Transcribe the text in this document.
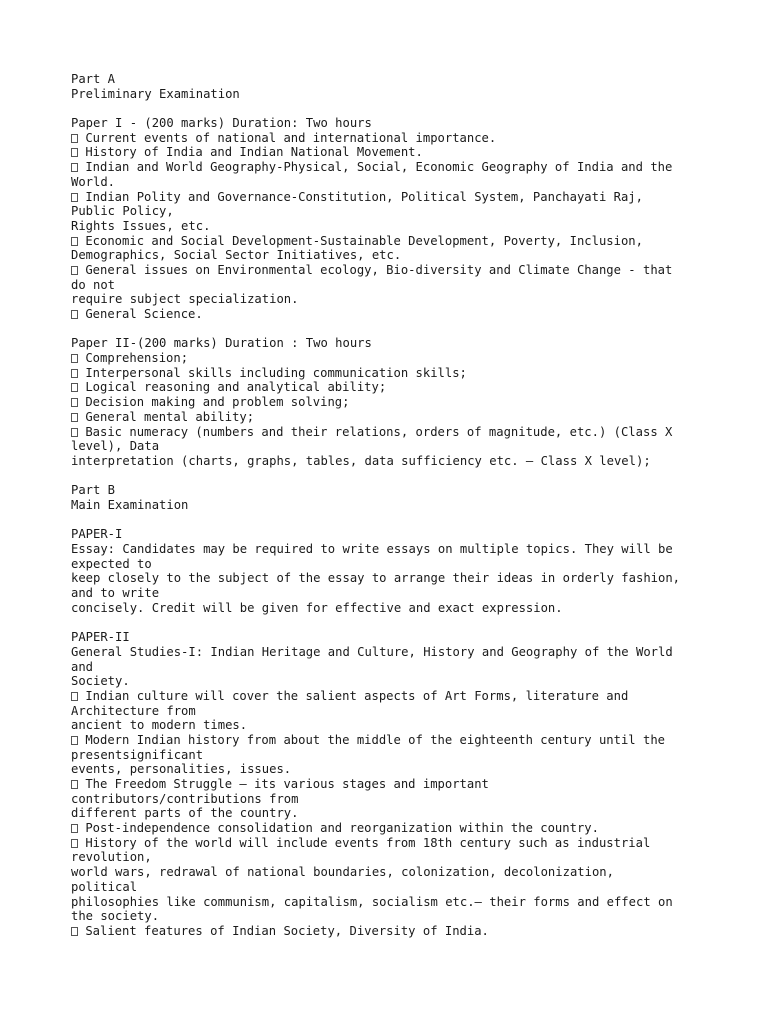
Part A
Preliminary Examination
Paper I - (200 marks) Duration: Two hours
Current events of national and international importance.
History of India and Indian National Movement.
Indian and World Geography-Physical, Social, Economic Geography of India and the
World.
Indian Polity and Governance-Constitution, Political System, Panchayati Raj,
Public Policy,
Rights Issues, etc.
Economic and Social Development-Sustainable Development, Poverty, Inclusion,
Demographics, Social Sector Initiatives, etc.
General issues on Environmental ecology, Bio-diversity and Climate Change - that
do not
require subject specialization.
General Science.
Paper II-(200 marks) Duration : Two hours
Comprehension;
Interpersonal skills including communication skills;
Logical reasoning and analytical ability;
Decision making and problem solving;
General mental ability;
Basic numeracy (numbers and their relations, orders of magnitude, etc.) (Class X
level), Data
interpretation (charts, graphs, tables, data sufficiency etc. — Class X level);
Part B
Main Examination
PAPER-I
Essay: Candidates may be required to write essays on multiple topics. They will be
expected to
keep closely to the subject of the essay to arrange their ideas in orderly fashion,
and to write
concisely. Credit will be given for effective and exact expression.
PAPER-II
General Studies-I: Indian Heritage and Culture, History and Geography of the World
and
Society.
Indian culture will cover the salient aspects of Art Forms, literature and
Architecture from
ancient to modern times.
Modern Indian history from about the middle of the eighteenth century until the
presentsignificant
events, personalities, issues.
The Freedom Struggle — its various stages and important
contributors/contributions from
different parts of the country.
Post-independence consolidation and reorganization within the country.
History of the world will include events from 18th century such as industrial
revolution,
world wars, redrawal of national boundaries, colonization, decolonization,
political
philosophies like communism, capitalism, socialism etc.— their forms and effect on
the society.
Salient features of Indian Society, Diversity of India.
